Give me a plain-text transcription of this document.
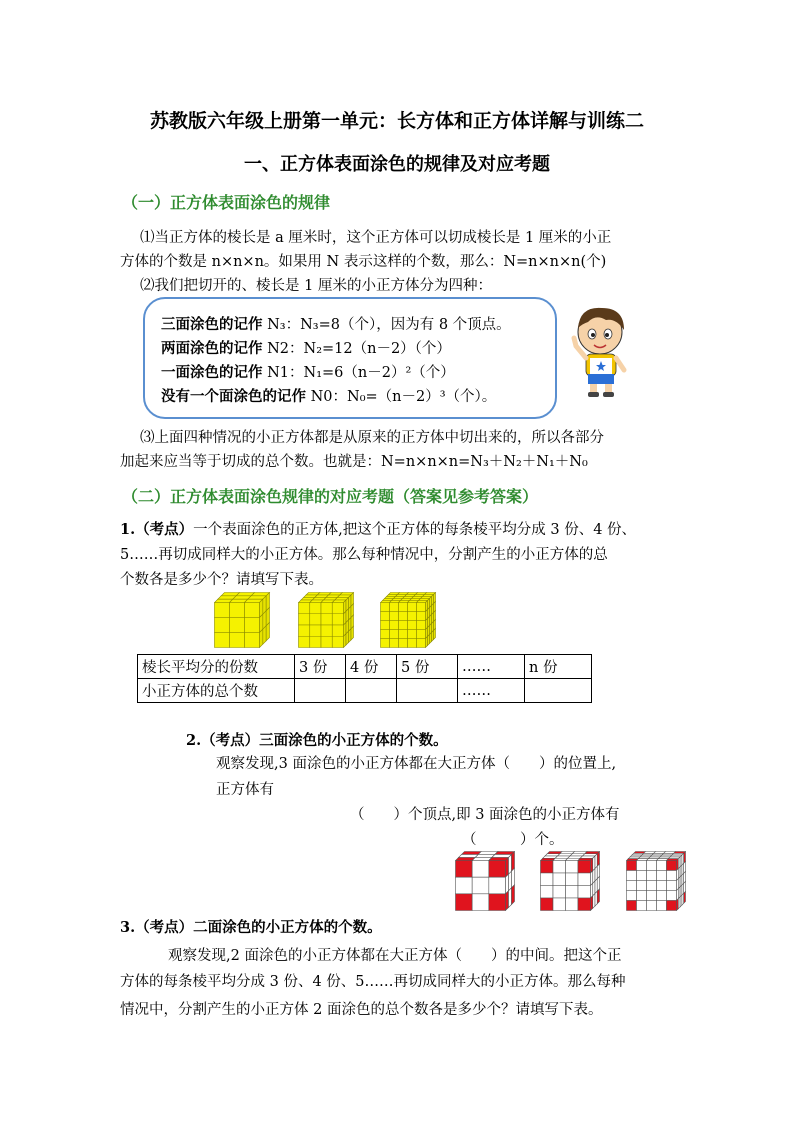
苏教版六年级上册第一单元：长方体和正方体详解与训练二
一、正方体表面涂色的规律及对应考题
（一）正方体表面涂色的规律
⑴当正方体的棱长是 a 厘米时，这个正方体可以切成棱长是 1 厘米的小正
方体的个数是 n×n×n。如果用 N 表示这样的个数，那么：N=n×n×n(个)
⑵我们把切开的、棱长是 1 厘米的小正方体分为四种：
三面涂色的记作 N₃：N₃=8（个），因为有 8 个顶点。
两面涂色的记作 N2：N₂=12（n－2）（个）
一面涂色的记作 N1：N₁=6（n－2）²（个）
没有一个面涂色的记作 N0：N₀=（n－2）³（个）。
⑶上面四种情况的小正方体都是从原来的正方体中切出来的，所以各部分
加起来应当等于切成的总个数。也就是：N=n×n×n=N₃＋N₂＋N₁＋N₀
（二）正方体表面涂色规律的对应考题（答案见参考答案）
1.（考点）一个表面涂色的正方体,把这个正方体的每条棱平均分成 3 份、4 份、
5……再切成同样大的小正方体。那么每种情况中，分割产生的小正方体的总
个数各是多少个？请填写下表。
棱长平均分的份数	3 份	4 份	5 份	……	n 份
小正方体的总个数				……	
2.（考点）三面涂色的小正方体的个数。
观察发现,3 面涂色的小正方体都在大正方体（　　）的位置上,
正方体有
（　　）个顶点,即 3 面涂色的小正方体有
（　　　）个。
3.（考点）二面涂色的小正方体的个数。
观察发现,2 面涂色的小正方体都在大正方体（　　）的中间。把这个正
方体的每条棱平均分成 3 份、4 份、5……再切成同样大的小正方体。那么每种
情况中，分割产生的小正方体 2 面涂色的总个数各是多少个？请填写下表。
